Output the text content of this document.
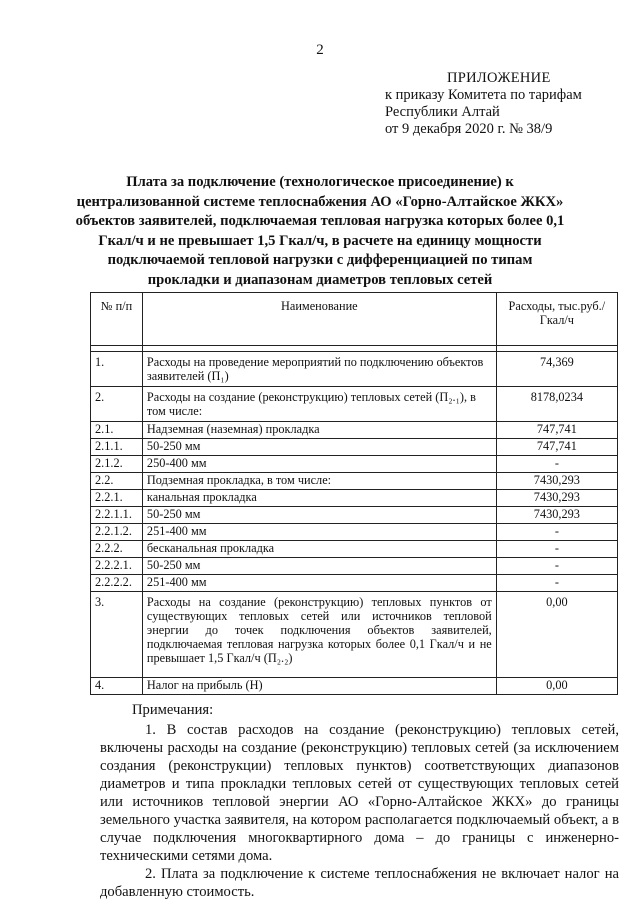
2
ПРИЛОЖЕНИЕ
к приказу Комитета по тарифам
Республики Алтай
от 9 декабря 2020 г. № 38/9
Плата за подключение (технологическое присоединение) к централизованной системе теплоснабжения АО «Горно-Алтайское ЖКХ» объектов заявителей, подключаемая тепловая нагрузка которых более 0,1 Гкал/ч и не превышает 1,5 Гкал/ч, в расчете на единицу мощности подключаемой тепловой нагрузки с дифференциацией по типам прокладки и диапазонам диаметров тепловых сетей
№ п/п	Наименование	Расходы, тыс.руб./Гкал/ч

1.	Расходы на проведение мероприятий по подключению объектов заявителей (П₁)	74,369
2.	Расходы на создание (реконструкцию) тепловых сетей (П₂.₁), в том числе:	8178,0234
2.1.	Надземная (наземная) прокладка	747,741
2.1.1.	50-250 мм	747,741
2.1.2.	250-400 мм	-
2.2.	Подземная прокладка, в том числе:	7430,293
2.2.1.	канальная прокладка	7430,293
2.2.1.1.	50-250 мм	7430,293
2.2.1.2.	251-400 мм	-
2.2.2.	бесканальная прокладка	-
2.2.2.1.	50-250 мм	-
2.2.2.2.	251-400 мм	-
3.	Расходы на создание (реконструкцию) тепловых пунктов от существующих тепловых сетей или источников тепловой энергии до точек подключения объектов заявителей, подключаемая тепловая нагрузка которых более 0,1 Гкал/ч и не превышает 1,5 Гкал/ч (П₂.₂)	0,00
4.	Налог на прибыль (Н)	0,00
Примечания:

1. В состав расходов на создание (реконструкцию) тепловых сетей, включены расходы на создание (реконструкцию) тепловых сетей (за исключением создания (реконструкции) тепловых пунктов) соответствующих диапазонов диаметров и типа прокладки тепловых сетей от существующих тепловых сетей или источников тепловой энергии АО «Горно-Алтайское ЖКХ» до границы земельного участка заявителя, на котором располагается подключаемый объект, а в случае подключения многоквартирного дома – до границы с инженерно-техническими сетями дома.

2. Плата за подключение к системе теплоснабжения не включает налог на добавленную стоимость.
